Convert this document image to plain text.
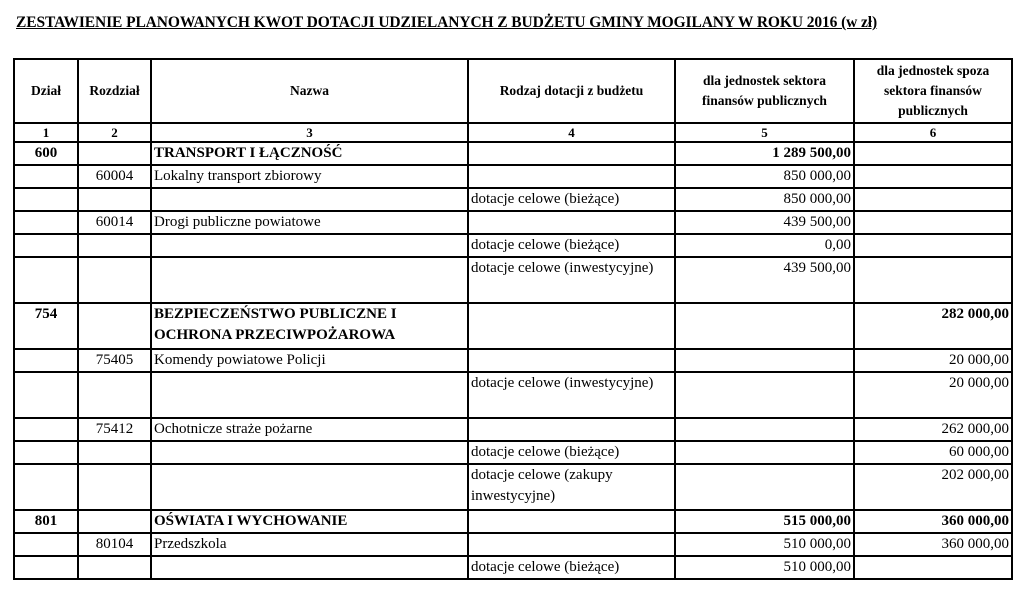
ZESTAWIENIE PLANOWANYCH KWOT DOTACJI UDZIELANYCH Z BUDŻETU GMINY MOGILANY W ROKU 2016 (w zł)
Dział	Rozdział	Nazwa	Rodzaj dotacji z budżetu	dla jednostek sektora finansów publicznych	dla jednostek spoza sektora finansów publicznych
1	2	3	4	5	6
600		TRANSPORT I ŁĄCZNOŚĆ		1 289 500,00	
	60004	Lokalny transport zbiorowy		850 000,00	
			dotacje celowe (bieżące)	850 000,00	
	60014	Drogi publiczne powiatowe		439 500,00	
			dotacje celowe (bieżące)	0,00	
			dotacje celowe (inwestycyjne)	439 500,00	
754		BEZPIECZEŃSTWO PUBLICZNE I OCHRONA PRZECIWPOŻAROWA			282 000,00
	75405	Komendy powiatowe Policji			20 000,00
			dotacje celowe (inwestycyjne)		20 000,00
	75412	Ochotnicze straże pożarne			262 000,00
			dotacje celowe (bieżące)		60 000,00
			dotacje celowe (zakupy inwestycyjne)		202 000,00
801		OŚWIATA I WYCHOWANIE		515 000,00	360 000,00
	80104	Przedszkola		510 000,00	360 000,00
			dotacje celowe (bieżące)	510 000,00	
